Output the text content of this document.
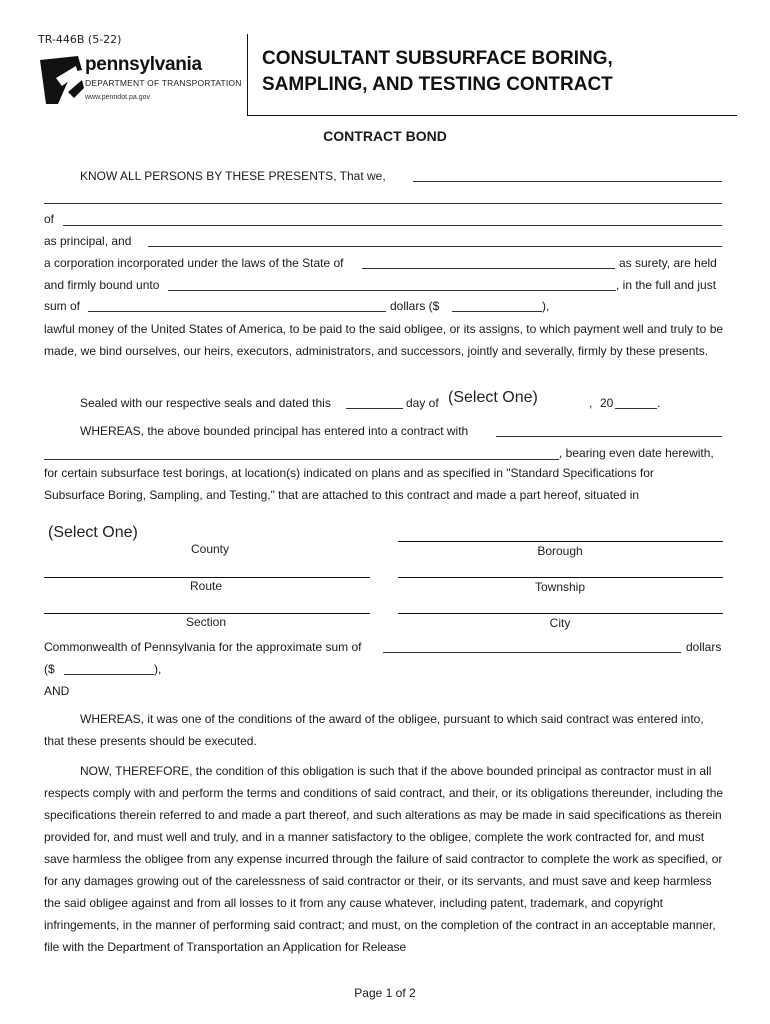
TR-446B (5-22)
pennsylvania
DEPARTMENT OF TRANSPORTATION
www.penndot.pa.gov
CONSULTANT SUBSURFACE BORING,
SAMPLING, AND TESTING CONTRACT
CONTRACT BOND
KNOW ALL PERSONS BY THESE PRESENTS, That we,
of
as principal, and
a corporation incorporated under the laws of the State of	as surety, are held
and firmly bound unto	, in the full and just
sum of	dollars ($	),
lawful money of the United States of America, to be paid to the said obligee, or its assigns, to which payment well and truly to be made, we bind ourselves, our heirs, executors, administrators, and successors, jointly and severally, firmly by these presents.
Sealed with our respective seals and dated this	day of (Select One)	, 20	.
WHEREAS, the above bounded principal has entered into a contract with
, bearing even date herewith,
for certain subsurface test borings, at location(s) indicated on plans and as specified in "Standard Specifications for Subsurface Boring, Sampling, and Testing," that are attached to this contract and made a part hereof, situated in
(Select One)
County	Borough
Route	Township
Section	City
Commonwealth of Pennsylvania for the approximate sum of	dollars
($	),
AND
WHEREAS, it was one of the conditions of the award of the obligee, pursuant to which said contract was entered into, that these presents should be executed.
NOW, THEREFORE, the condition of this obligation is such that if the above bounded principal as contractor must in all respects comply with and perform the terms and conditions of said contract, and their, or its obligations thereunder, including the specifications therein referred to and made a part thereof, and such alterations as may be made in said specifications as therein provided for, and must well and truly, and in a manner satisfactory to the obligee, complete the work contracted for, and must save harmless the obligee from any expense incurred through the failure of said contractor to complete the work as specified, or for any damages growing out of the carelessness of said contractor or their, or its servants, and must save and keep harmless the said obligee against and from all losses to it from any cause whatever, including patent, trademark, and copyright infringements, in the manner of performing said contract; and must, on the completion of the contract in an acceptable manner, file with the Department of Transportation an Application for Release
Page 1 of 2
